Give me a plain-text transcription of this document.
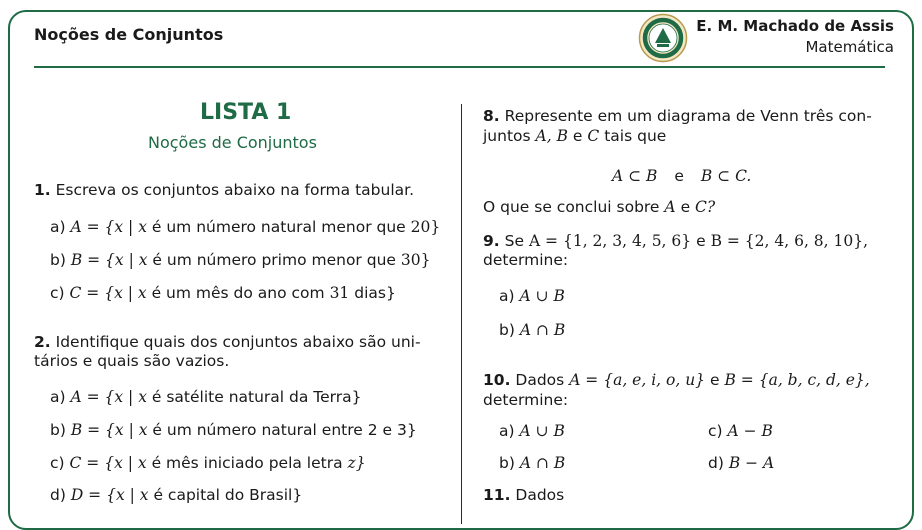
Noções de Conjuntos	E. M. Machado de Assis
Matemática
LISTA 1
Noções de Conjuntos
1. Escreva os conjuntos abaixo na forma tabular.
a) A = {x | x é um número natural menor que 20}
b) B = {x | x é um número primo menor que 30}
c) C = {x | x é um mês do ano com 31 dias}
2. Identifique quais dos conjuntos abaixo são uni-
tários e quais são vazios.
a) A = {x | x é satélite natural da Terra}
b) B = {x | x é um número natural entre 2 e 3}
c) C = {x | x é mês iniciado pela letra z}
d) D = {x | x é capital do Brasil}
8. Represente em um diagrama de Venn três con-
juntos A, B e C tais que
A ⊂ B e B ⊂ C.
O que se conclui sobre A e C?
9. Se A = {1, 2, 3, 4, 5, 6} e B = {2, 4, 6, 8, 10},
determine:
a) A ∪ B
b) A ∩ B
10. Dados A = {a, e, i, o, u} e B = {a, b, c, d, e},
determine:
a) A ∪ B
b) A ∩ B
c) A − B
d) B − A
11. Dados
